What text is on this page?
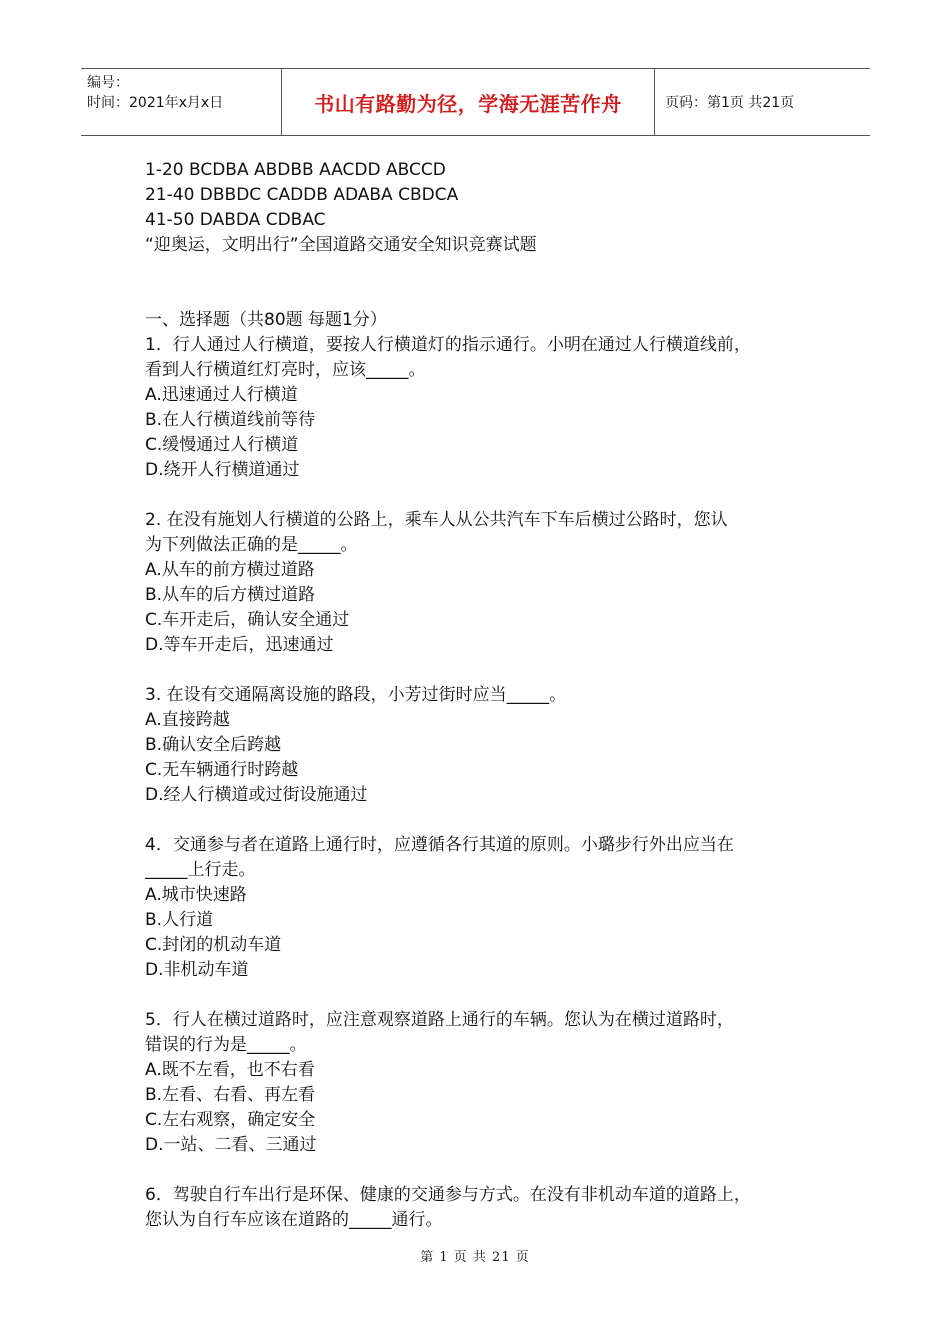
编号：
时间：2021年x月x日	书山有路勤为径，学海无涯苦作舟	页码：第1页 共21页

1-20 BCDBA ABDBB AACDD ABCCD

21-40 DBBDC CADDB ADABA CBDCA

41-50 DABDA CDBAC

“迎奥运，文明出行”全国道路交通安全知识竞赛试题

一、选择题（共80题 每题1分）

1．行人通过人行横道，要按人行横道灯的指示通行。小明在通过人行横道线前，

看到人行横道红灯亮时，应该_____。

A.迅速通过人行横道

B.在人行横道线前等待

C.缓慢通过人行横道

D.绕开人行横道通过

2. 在没有施划人行横道的公路上，乘车人从公共汽车下车后横过公路时，您认

为下列做法正确的是_____。

A.从车的前方横过道路

B.从车的后方横过道路

C.车开走后，确认安全通过

D.等车开走后，迅速通过

3. 在设有交通隔离设施的路段，小芳过街时应当_____。

A.直接跨越

B.确认安全后跨越

C.无车辆通行时跨越

D.经人行横道或过街设施通过

4．交通参与者在道路上通行时，应遵循各行其道的原则。小璐步行外出应当在

_____上行走。

A.城市快速路

B.人行道

C.封闭的机动车道

D.非机动车道

5．行人在横过道路时，应注意观察道路上通行的车辆。您认为在横过道路时，

错误的行为是_____。

A.既不左看，也不右看

B.左看、右看、再左看

C.左右观察，确定安全

D.一站、二看、三通过

6．驾驶自行车出行是环保、健康的交通参与方式。在没有非机动车道的道路上，

您认为自行车应该在道路的_____通行。

第 1 页 共 21 页
